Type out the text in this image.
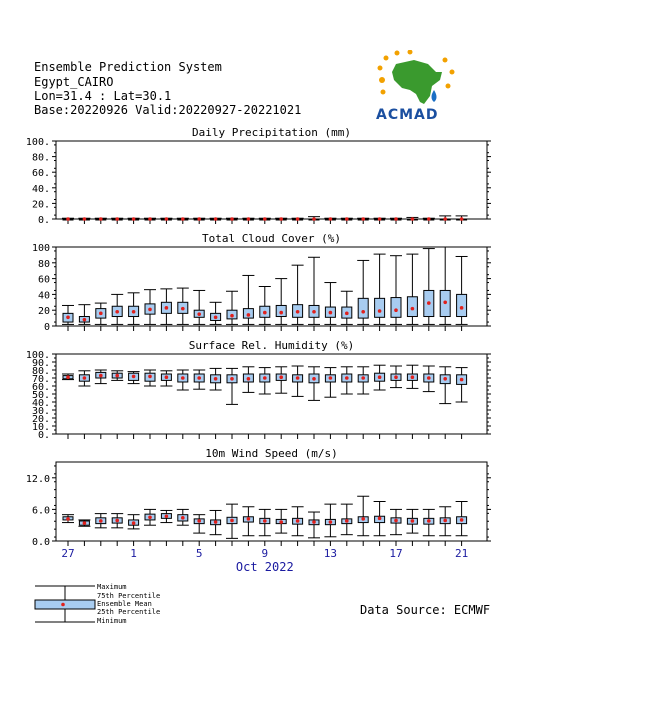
Ensemble Prediction System
Egypt_CAIRO
Lon=31.4 : Lat=30.1
Base:20220926 Valid:20220927-20221021	ACMAD
Daily Precipitation (mm)
0.
20.
40.
60.
80.
100.
Total Cloud Cover (%)
0
20
40
60
80
100
Surface Rel. Humidity (%)
0.
10.
20.
30.
40.
50.
60.
70.
80.
90.
100.
10m Wind Speed (m/s)
0.0
6.0
12.0
27	1	5	9	13	17	21
Oct 2022
Maximum
75th Percentile
Ensemble Mean
25th Percentile
Minimum
Data Source: ECMWF
